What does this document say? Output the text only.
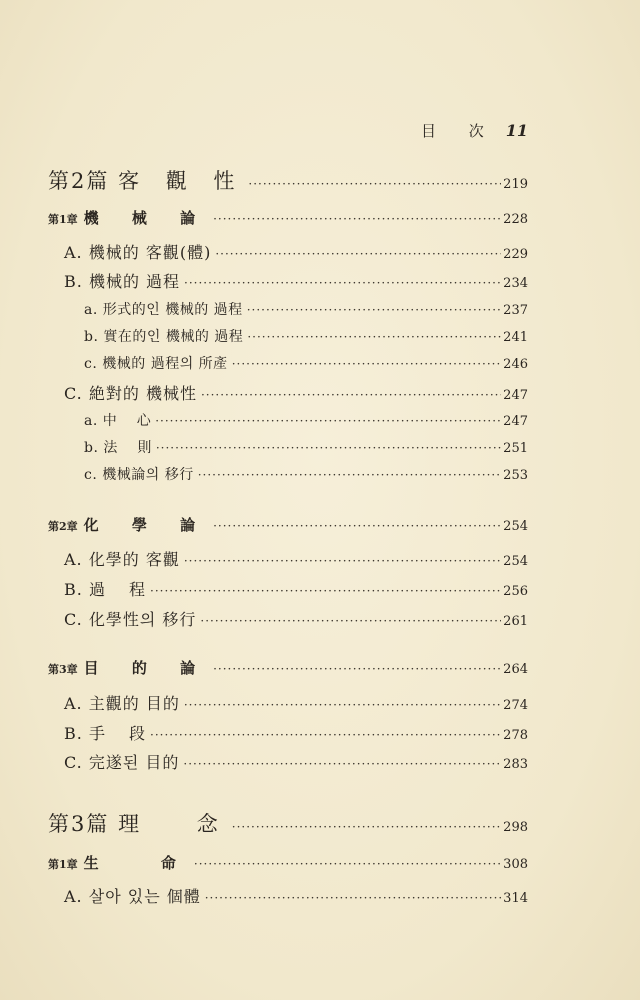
目 次 11
第2篇 客 觀 性 ·····	219
第1章 機 械 論 ·····	228
A. 機械的 客觀(體) ·····	229
B. 機械的 過程 ·····	234
a. 形式的인 機械的 過程 ·····	237
b. 實在的인 機械的 過程 ·····	241
c. 機械的 過程의 所產 ·····	246
C. 絶對的 機械性 ·····	247
a. 中　 心 ·····	247
b. 法　 則 ·····	251
c. 機械論의 移行 ·····	253
第2章 化 學 論 ·····	254
A. 化學的 客觀 ·····	254
B. 過　 程 ·····	256
C. 化學性의 移行 ·····	261
第3章 目 的 論 ·····	264
A. 主觀的 目的 ·····	274
B. 手　 段 ·····	278
C. 完遂된 目的 ·····	283
第3篇 理　 念 ·····	298
第1章 生　 命 ·····	308
A. 살아 있는 個體 ·····	314
